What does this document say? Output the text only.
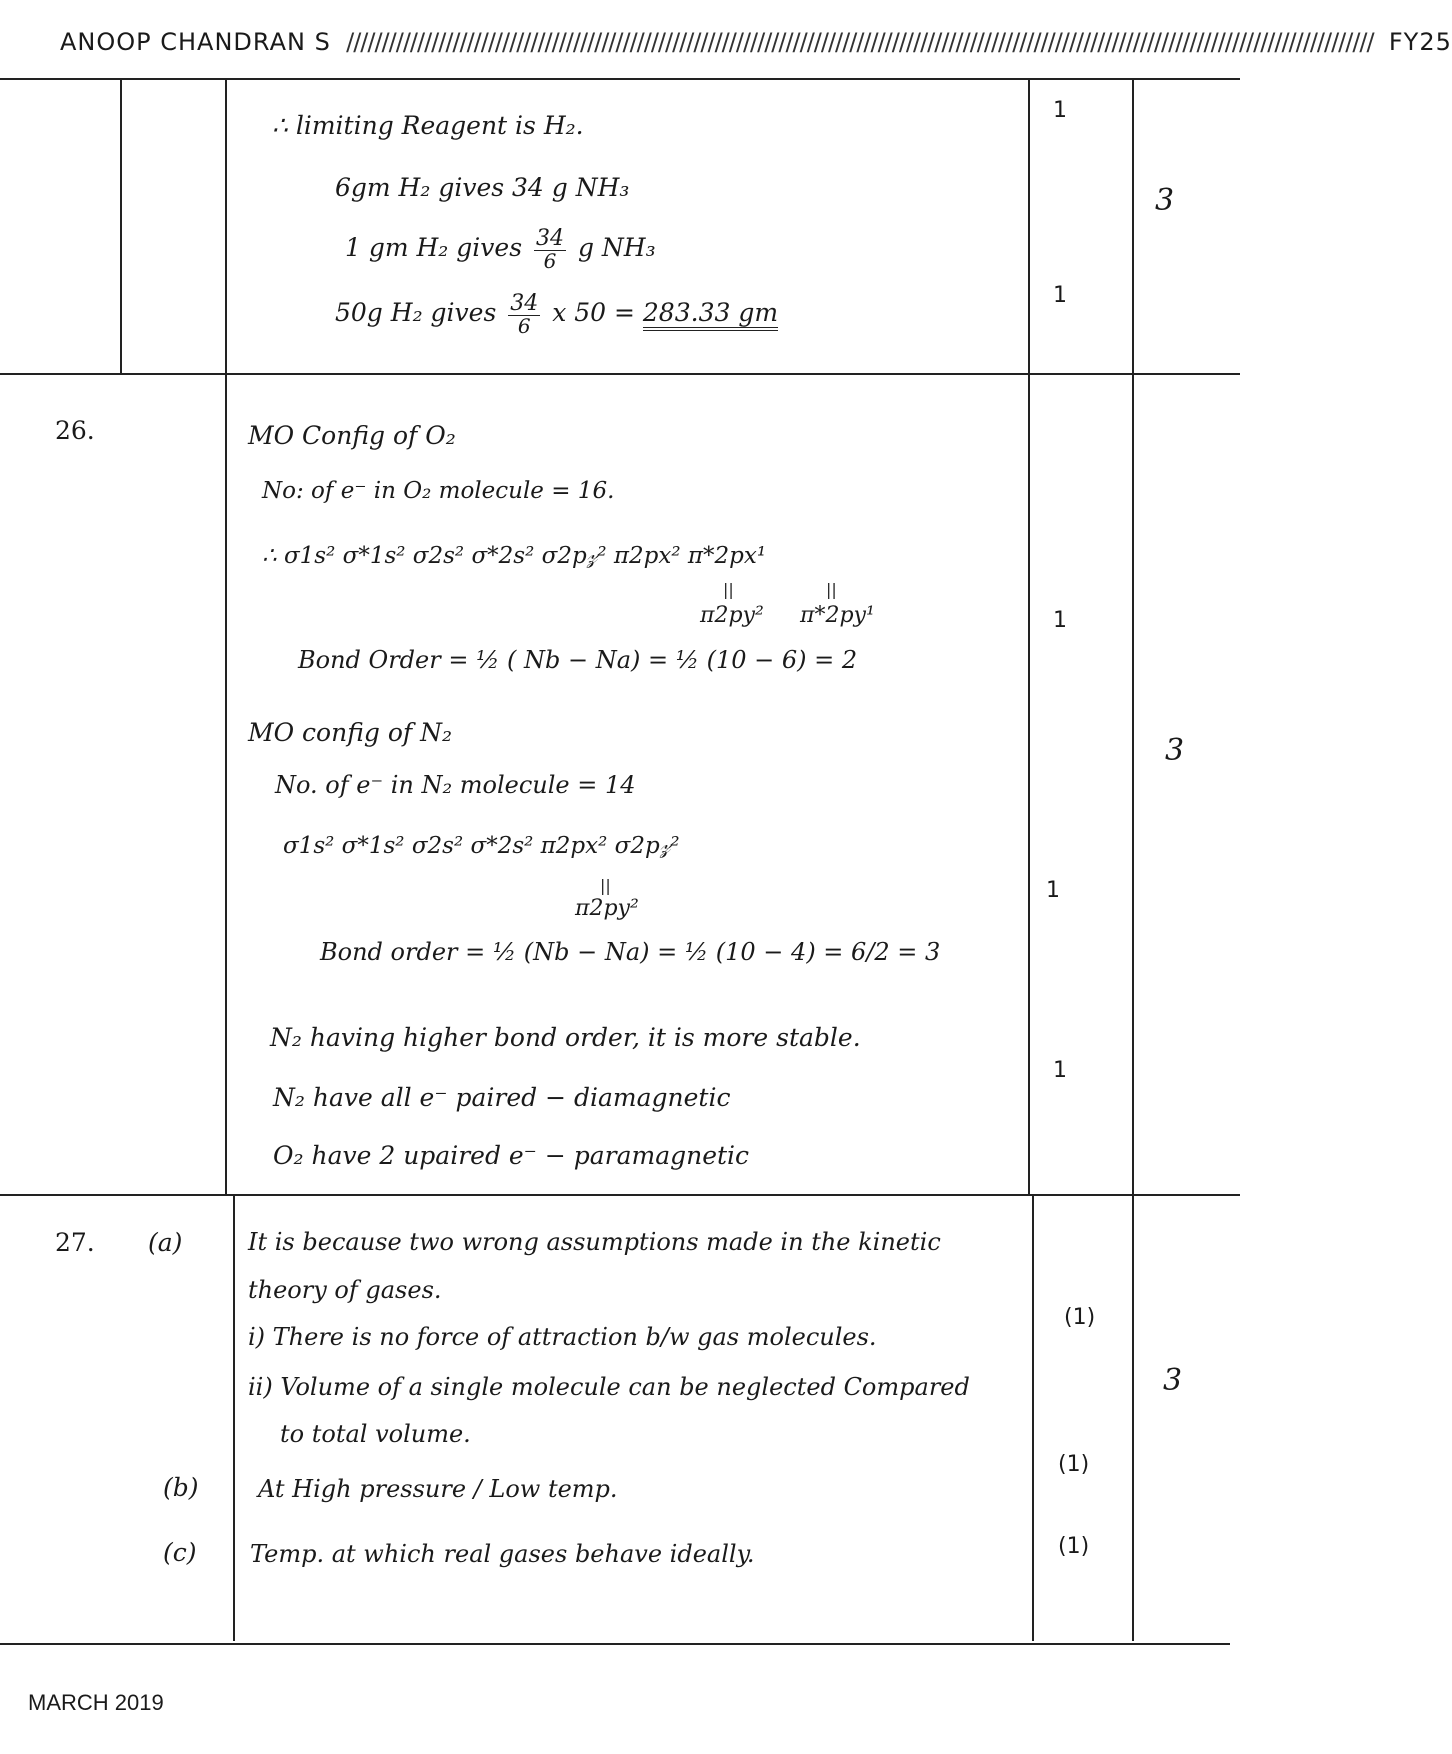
ANOOP CHANDRAN S  /////////////////////////////////////////////////////////////////////////////////////////////////////////////////////////////////////////////////  FY25
∴ limiting Reagent is H₂.
6gm H₂ gives 34 g NH₃
1 gm H₂ gives $\frac{34}{6}$ g NH₃
50g H₂ gives $\frac{34}{6}$ x 50 = 283.33 gm
1
1
3
26.	MO Config of O₂
No: of e⁻ in O₂ molecule = 16.
∴ σ1s² σ*1s² σ2s² σ*2s² σ2p𝓏² π2px² π*2px¹
||
π2py²
||
π*2py¹
Bond Order = ½ ( Nb − Na) = ½ (10 − 6) = 2
MO config of N₂
No. of e⁻ in N₂ molecule = 14
σ1s² σ*1s² σ2s² σ*2s² π2px² σ2p𝓏²
||
π2py²
Bond order = ½ (Nb − Na) = ½ (10 − 4) = 6/2 = 3
N₂ having higher bond order, it is more stable.
N₂ have all e⁻ paired − diamagnetic
O₂ have 2 upaired e⁻ − paramagnetic
1
1
1
3
27. (a)	It is because two wrong assumptions made in the kinetic
theory of gases.
i) There is no force of attraction b/w gas molecules.
ii) Volume of a single molecule can be neglected Compared
to total volume.
(b) At High pressure / Low temp.
(c) Temp. at which real gases behave ideally.
(1)
(1)
(1)
3
MARCH 2019
